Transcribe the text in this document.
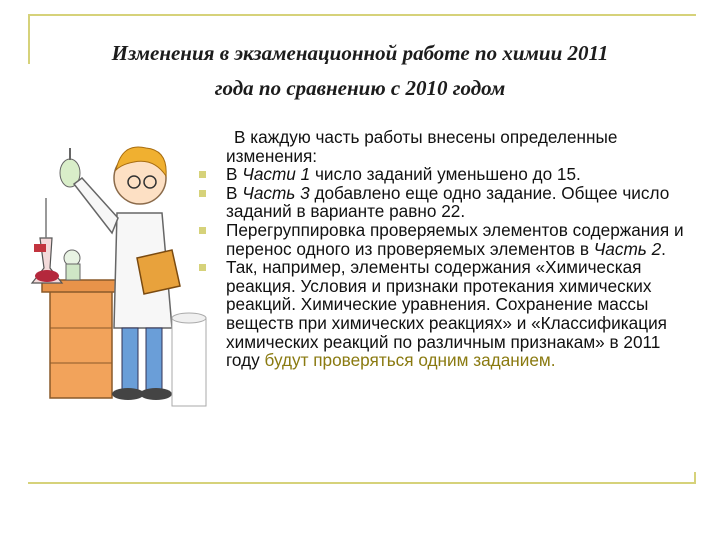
Изменения в экзаменационной работе по химии 2011
года по сравнению с 2010 годом
В каждую часть работы внесены определенные
изменения:
В Части 1 число заданий уменьшено до 15.
В Часть 3 добавлено еще одно задание. Общее число заданий в варианте равно 22.
Перегруппировка проверяемых элементов содержания и перенос одного из проверяемых элементов в Часть 2.
Так, например, элементы содержания «Химическая реакция. Условия и признаки протекания химических реакций. Химические уравнения. Сохранение массы веществ при химических реакциях» и «Классификация химических реакций по различным признакам» в 2011 году будут проверяться одним заданием.
